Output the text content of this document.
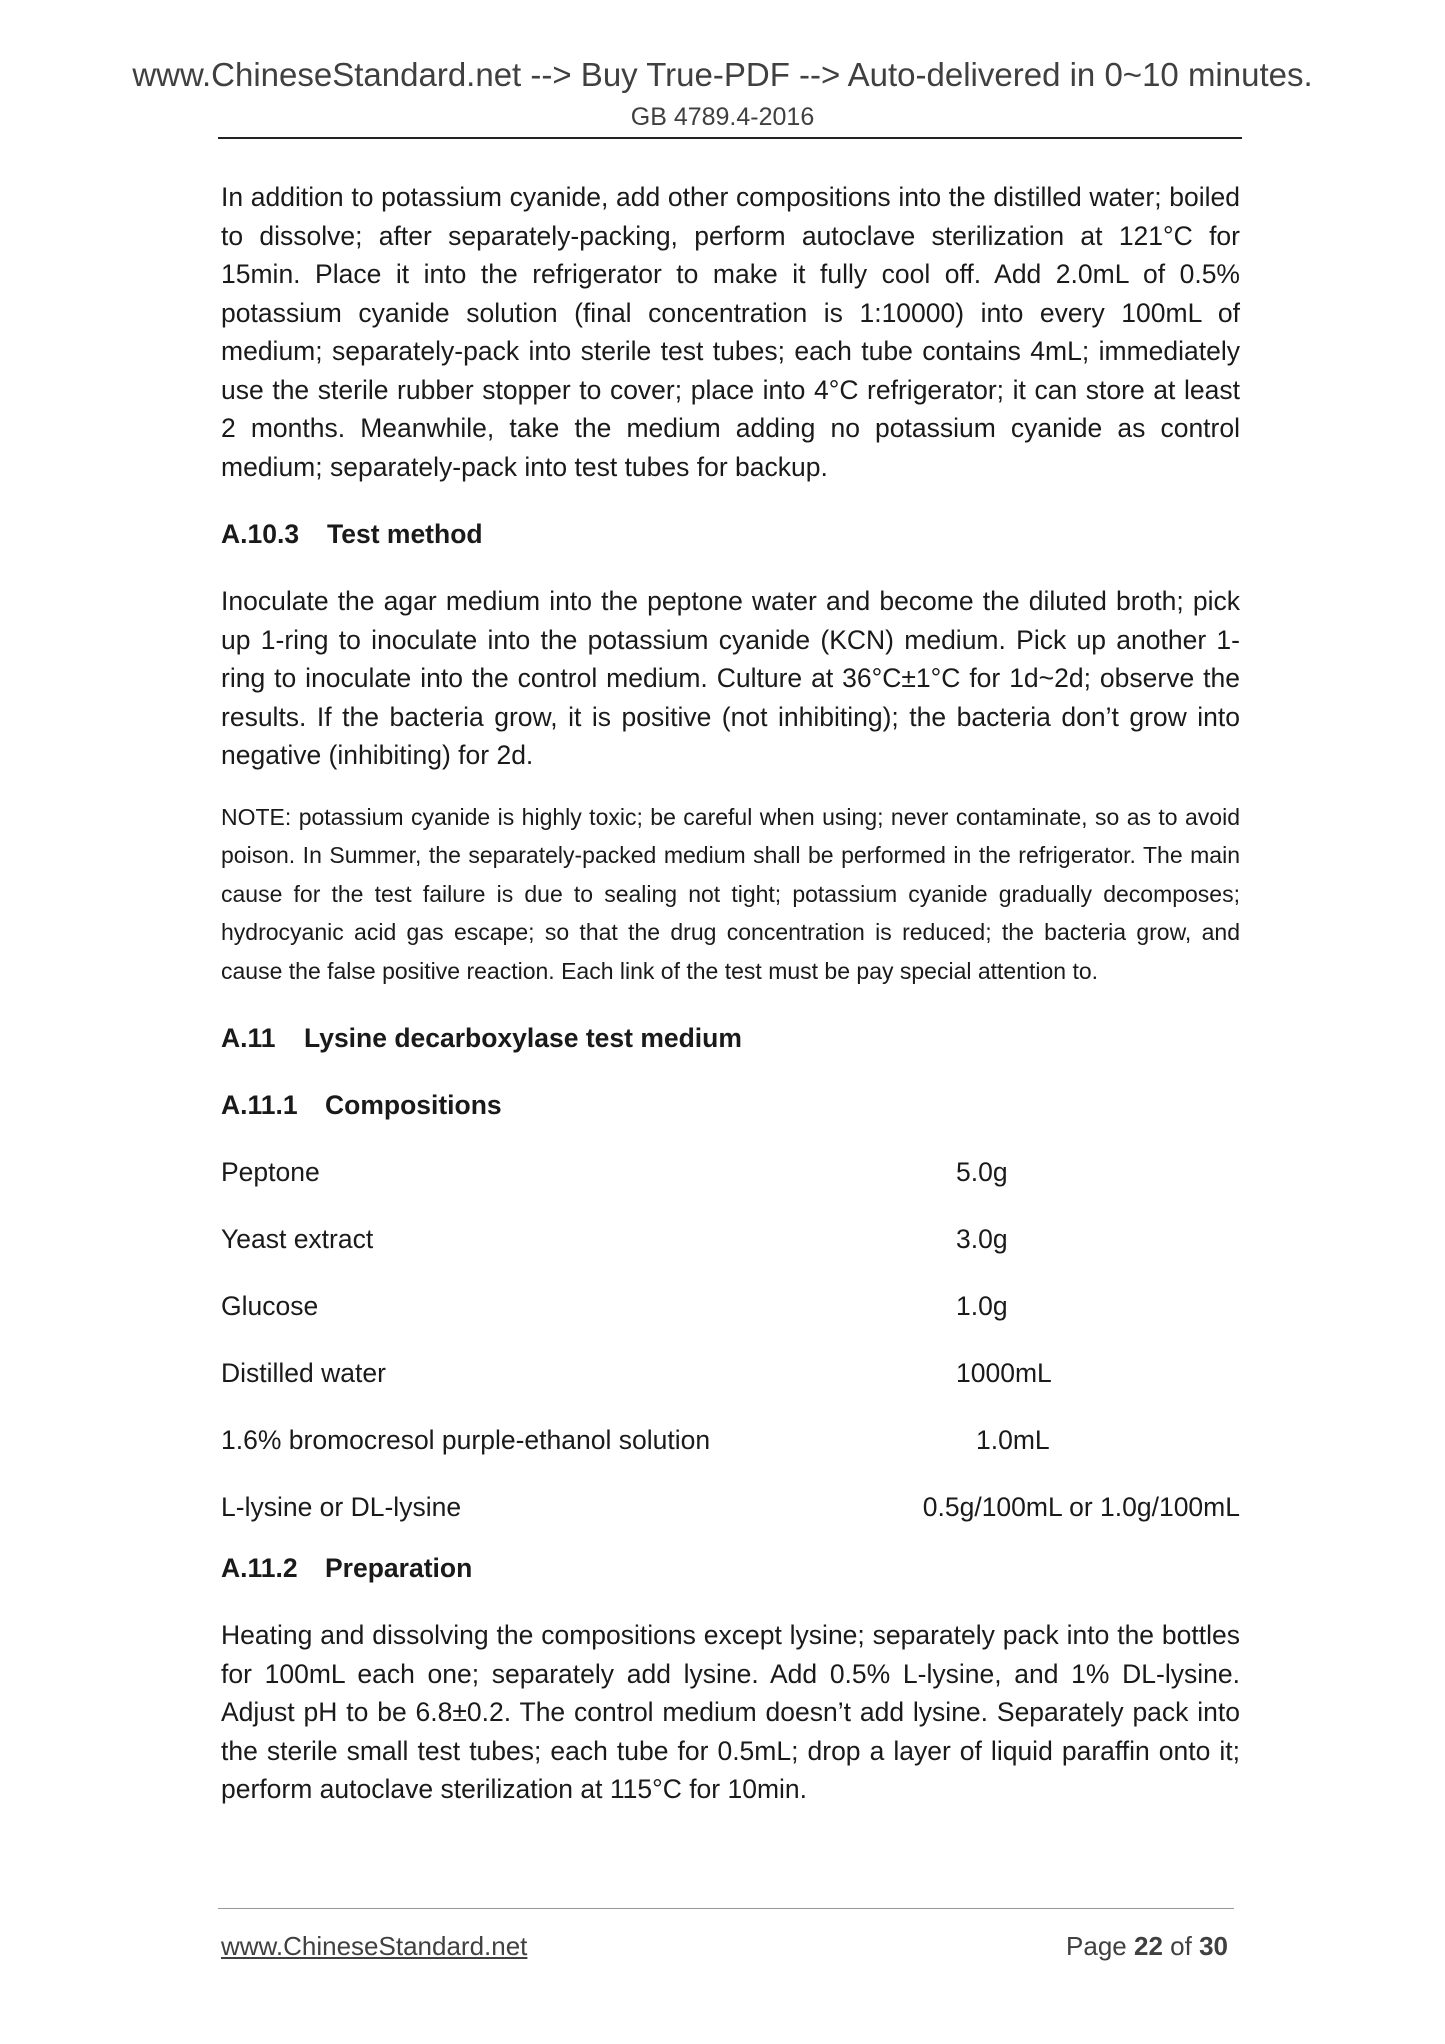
www.ChineseStandard.net --> Buy True-PDF --> Auto-delivered in 0~10 minutes.
GB 4789.4-2016

In addition to potassium cyanide, add other compositions into the distilled water; boiled to dissolve; after separately-packing, perform autoclave sterilization at 121°C for 15min. Place it into the refrigerator to make it fully cool off. Add 2.0mL of 0.5% potassium cyanide solution (final concentration is 1:10000) into every 100mL of medium; separately-pack into sterile test tubes; each tube contains 4mL; immediately use the sterile rubber stopper to cover; place into 4°C refrigerator; it can store at least 2 months. Meanwhile, take the medium adding no potassium cyanide as control medium; separately-pack into test tubes for backup.

A.10.3 Test method

Inoculate the agar medium into the peptone water and become the diluted broth; pick up 1-ring to inoculate into the potassium cyanide (KCN) medium. Pick up another 1-ring to inoculate into the control medium. Culture at 36°C±1°C for 1d~2d; observe the results. If the bacteria grow, it is positive (not inhibiting); the bacteria don’t grow into negative (inhibiting) for 2d.

NOTE: potassium cyanide is highly toxic; be careful when using; never contaminate, so as to avoid poison. In Summer, the separately-packed medium shall be performed in the refrigerator. The main cause for the test failure is due to sealing not tight; potassium cyanide gradually decomposes; hydrocyanic acid gas escape; so that the drug concentration is reduced; the bacteria grow, and cause the false positive reaction. Each link of the test must be pay special attention to.

A.11 Lysine decarboxylase test medium
A.11.1 Compositions
Peptone	5.0g
Yeast extract	3.0g
Glucose	1.0g
Distilled water	1000mL
1.6% bromocresol purple-ethanol solution	1.0mL
L-lysine or DL-lysine	0.5g/100mL or 1.0g/100mL
A.11.2 Preparation

Heating and dissolving the compositions except lysine; separately pack into the bottles for 100mL each one; separately add lysine. Add 0.5% L-lysine, and 1% DL-lysine. Adjust pH to be 6.8±0.2. The control medium doesn’t add lysine. Separately pack into the sterile small test tubes; each tube for 0.5mL; drop a layer of liquid paraffin onto it; perform autoclave sterilization at 115°C for 10min.

www.ChineseStandard.net	Page 22 of 30
